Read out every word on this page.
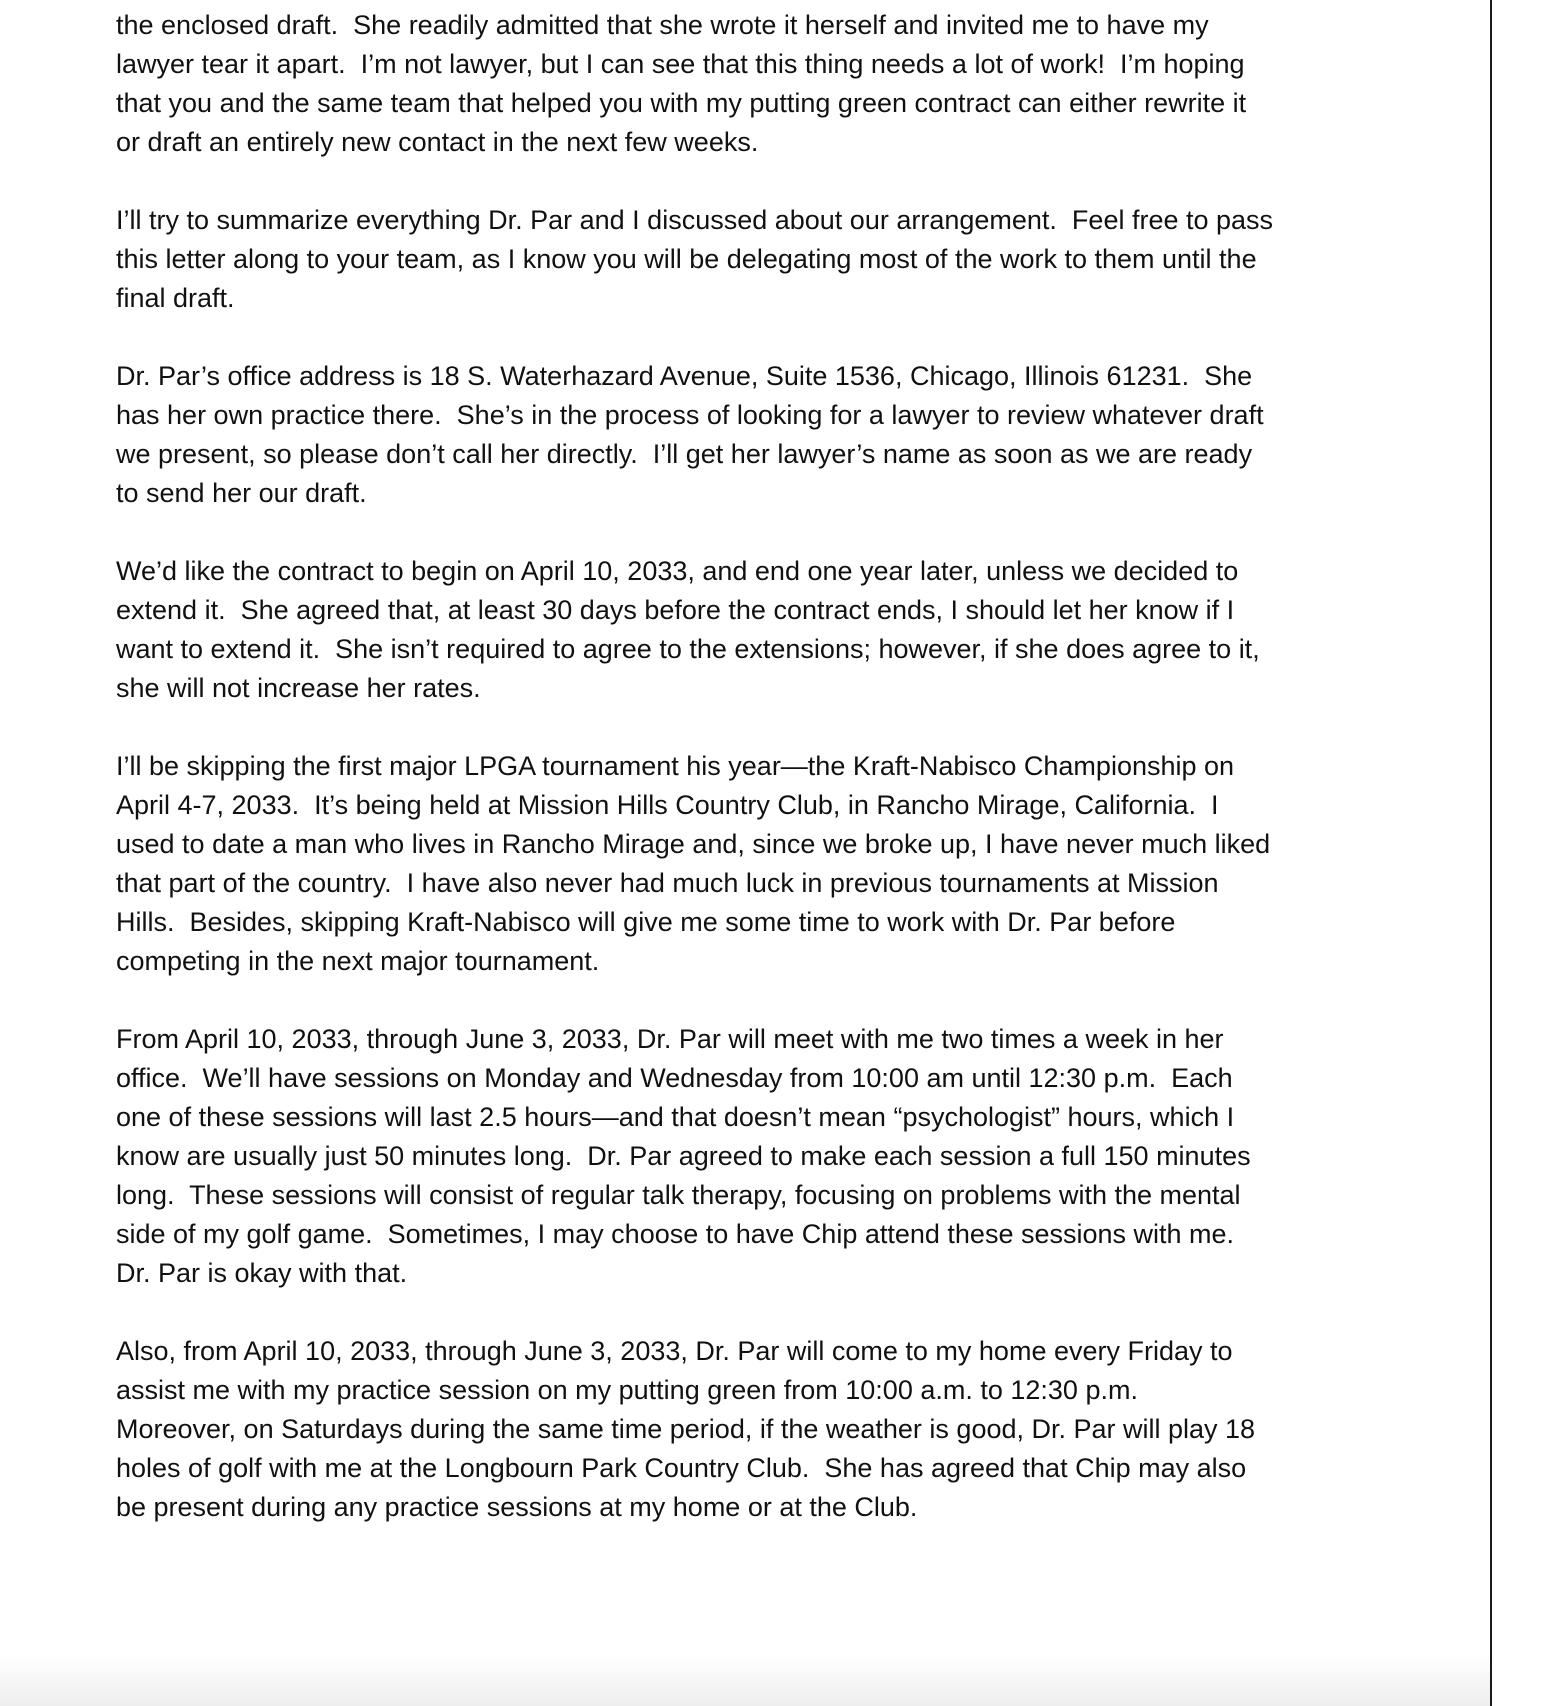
the enclosed draft.  She readily admitted that she wrote it herself and invited me to have my lawyer tear it apart.  I’m not lawyer, but I can see that this thing needs a lot of work!  I’m hoping that you and the same team that helped you with my putting green contract can either rewrite it or draft an entirely new contact in the next few weeks.

I’ll try to summarize everything Dr. Par and I discussed about our arrangement.  Feel free to pass this letter along to your team, as I know you will be delegating most of the work to them until the final draft.

Dr. Par’s office address is 18 S. Waterhazard Avenue, Suite 1536, Chicago, Illinois 61231.  She has her own practice there.  She’s in the process of looking for a lawyer to review whatever draft we present, so please don’t call her directly.  I’ll get her lawyer’s name as soon as we are ready to send her our draft.

We’d like the contract to begin on April 10, 2033, and end one year later, unless we decided to extend it.  She agreed that, at least 30 days before the contract ends, I should let her know if I want to extend it.  She isn’t required to agree to the extensions; however, if she does agree to it, she will not increase her rates.

I’ll be skipping the first major LPGA tournament his year—the Kraft-Nabisco Championship on April 4-7, 2033.  It’s being held at Mission Hills Country Club, in Rancho Mirage, California.  I used to date a man who lives in Rancho Mirage and, since we broke up, I have never much liked that part of the country.  I have also never had much luck in previous tournaments at Mission Hills.  Besides, skipping Kraft-Nabisco will give me some time to work with Dr. Par before competing in the next major tournament.

From April 10, 2033, through June 3, 2033, Dr. Par will meet with me two times a week in her office.  We’ll have sessions on Monday and Wednesday from 10:00 am until 12:30 p.m.  Each one of these sessions will last 2.5 hours—and that doesn’t mean “psychologist” hours, which I know are usually just 50 minutes long.  Dr. Par agreed to make each session a full 150 minutes long.  These sessions will consist of regular talk therapy, focusing on problems with the mental side of my golf game.  Sometimes, I may choose to have Chip attend these sessions with me.  Dr. Par is okay with that.

Also, from April 10, 2033, through June 3, 2033, Dr. Par will come to my home every Friday to assist me with my practice session on my putting green from 10:00 a.m. to 12:30 p.m.   Moreover, on Saturdays during the same time period, if the weather is good, Dr. Par will play 18 holes of golf with me at the Longbourn Park Country Club.  She has agreed that Chip may also be present during any practice sessions at my home or at the Club.
